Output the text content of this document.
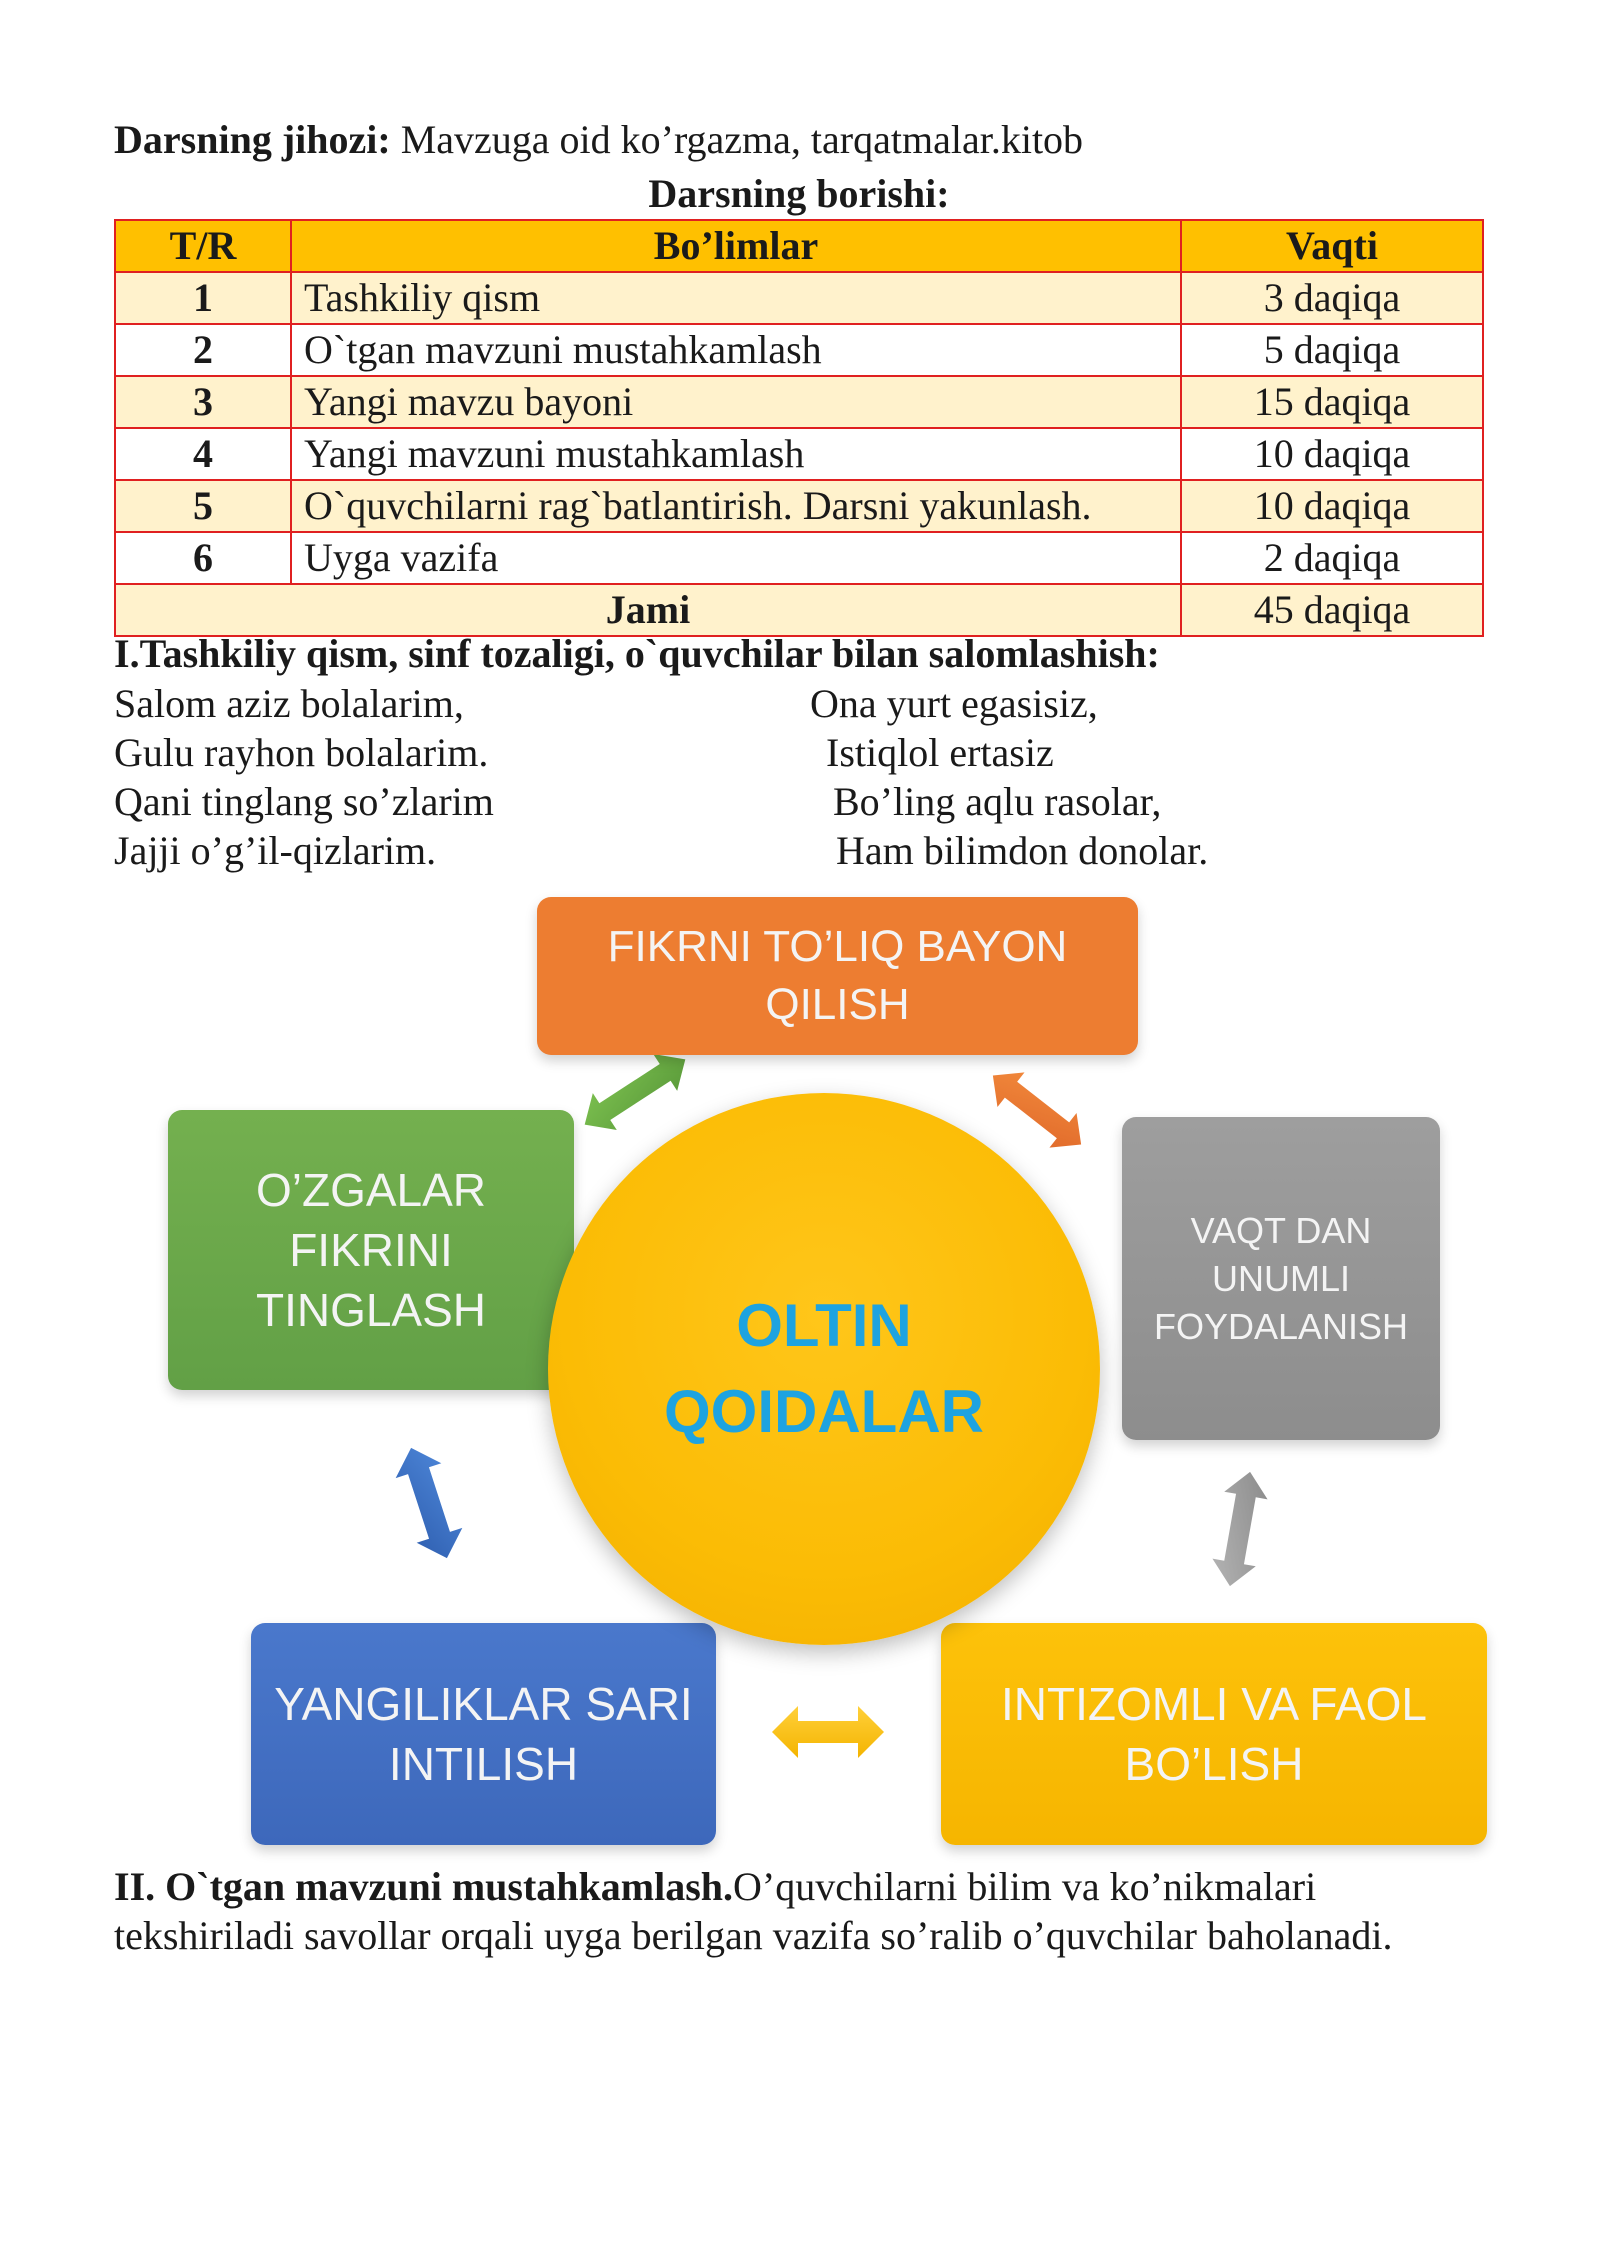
Darsning jihozi: Mavzuga oid ko’rgazma, tarqatmalar.kitob
Darsning borishi:
T/R	Bo’limlar	Vaqti
1	Tashkiliy qism	3 daqiqa
2	O`tgan mavzuni mustahkamlash	5 daqiqa
3	Yangi mavzu bayoni	15 daqiqa
4	Yangi mavzuni mustahkamlash	10 daqiqa
5	O`quvchilarni rag`batlantirish. Darsni yakunlash.	10 daqiqa
6	Uyga vazifa	2 daqiqa
Jami		45 daqiqa
I.Tashkiliy qism, sinf tozaligi, o`quvchilar bilan salomlashish:
Salom aziz bolalarim,
Gulu rayhon bolalarim.
Qani tinglang so’zlarim
Jajji o’g’il-qizlarim.
Ona yurt egasisiz,
Istiqlol ertasiz
Bo’ling aqlu rasolar,
Ham bilimdon donolar.
FIKRNI TO’LIQ BAYON
QILISH
O’ZGALAR
FIKRINI
TINGLASH
VAQT DAN
UNUMLI
FOYDALANISH
YANGILIKLAR SARI
INTILISH
INTIZOMLI VA FAOL
BO’LISH
OLTIN
QOIDALAR
II. O`tgan mavzuni mustahkamlash.O’quvchilarni bilim va ko’nikmalari tekshiriladi savollar orqali uyga berilgan vazifa so’ralib o’quvchilar baholanadi.
